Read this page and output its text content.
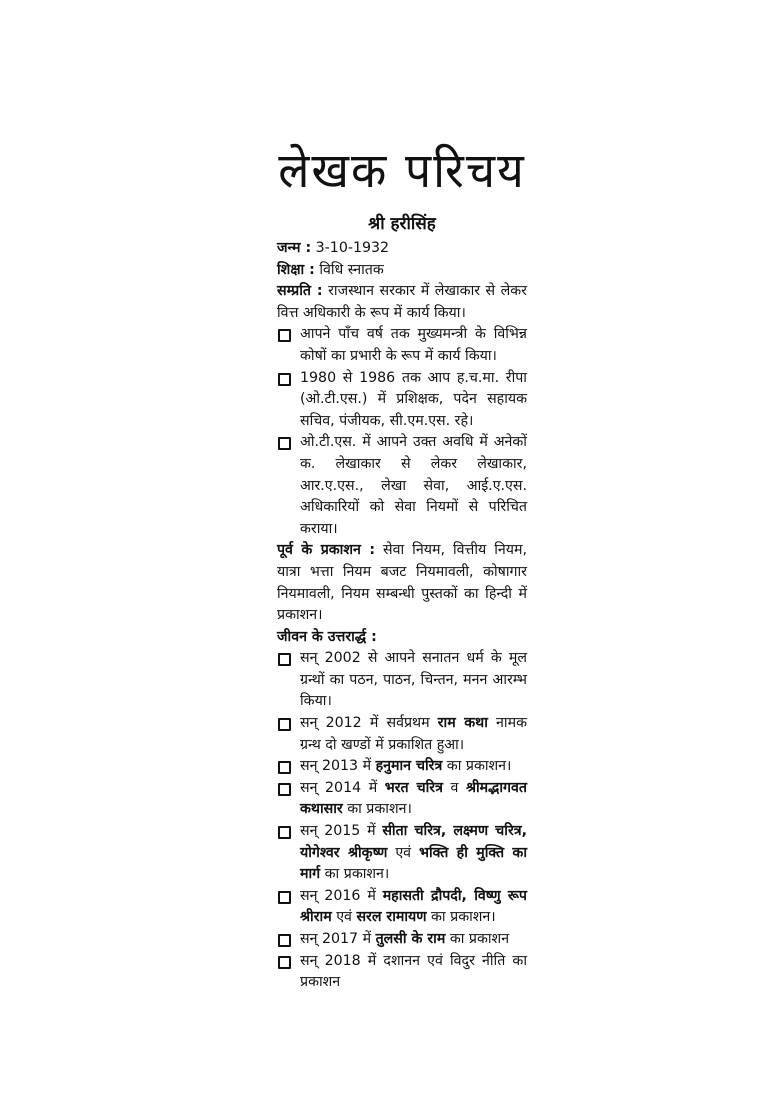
लेखक परिचय
श्री हरीसिंह
जन्म : 3-10-1932
शिक्षा : विधि स्नातक
सम्प्रति : राजस्थान सरकार में लेखाकार से लेकर वित्त अधिकारी के रूप में कार्य किया।
आपने पाँच वर्ष तक मुख्यमन्त्री के विभिन्न कोषों का प्रभारी के रूप में कार्य किया।
1980 से 1986 तक आप ह.च.मा. रीपा (ओ.टी.एस.) में प्रशिक्षक, पदेन सहायक सचिव, पंजीयक, सी.एम.एस. रहे।
ओ.टी.एस. में आपने उक्त अवधि में अनेकों क. लेखाकार से लेकर लेखाकार, आर.ए.एस., लेखा सेवा, आई.ए.एस. अधिकारियों को सेवा नियमों से परिचित कराया।
पूर्व के प्रकाशन : सेवा नियम, वित्तीय नियम, यात्रा भत्ता नियम बजट नियमावली, कोषागार नियमावली, नियम सम्बन्धी पुस्तकों का हिन्दी में प्रकाशन।
जीवन के उत्तरार्द्ध :
सन् 2002 से आपने सनातन धर्म के मूल ग्रन्थों का पठन, पाठन, चिन्तन, मनन आरम्भ किया।
सन् 2012 में सर्वप्रथम राम कथा नामक ग्रन्थ दो खण्डों में प्रकाशित हुआ।
सन् 2013 में हनुमान चरित्र का प्रकाशन।
सन् 2014 में भरत चरित्र व श्रीमद्भागवत कथासार का प्रकाशन।
सन् 2015 में सीता चरित्र, लक्ष्मण चरित्र, योगेश्वर श्रीकृष्ण एवं भक्ति ही मुक्ति का मार्ग का प्रकाशन।
सन् 2016 में महासती द्रौपदी, विष्णु रूप श्रीराम एवं सरल रामायण का प्रकाशन।
सन् 2017 में तुलसी के राम का प्रकाशन
सन् 2018 में दशानन एवं विदुर नीति का प्रकाशन
